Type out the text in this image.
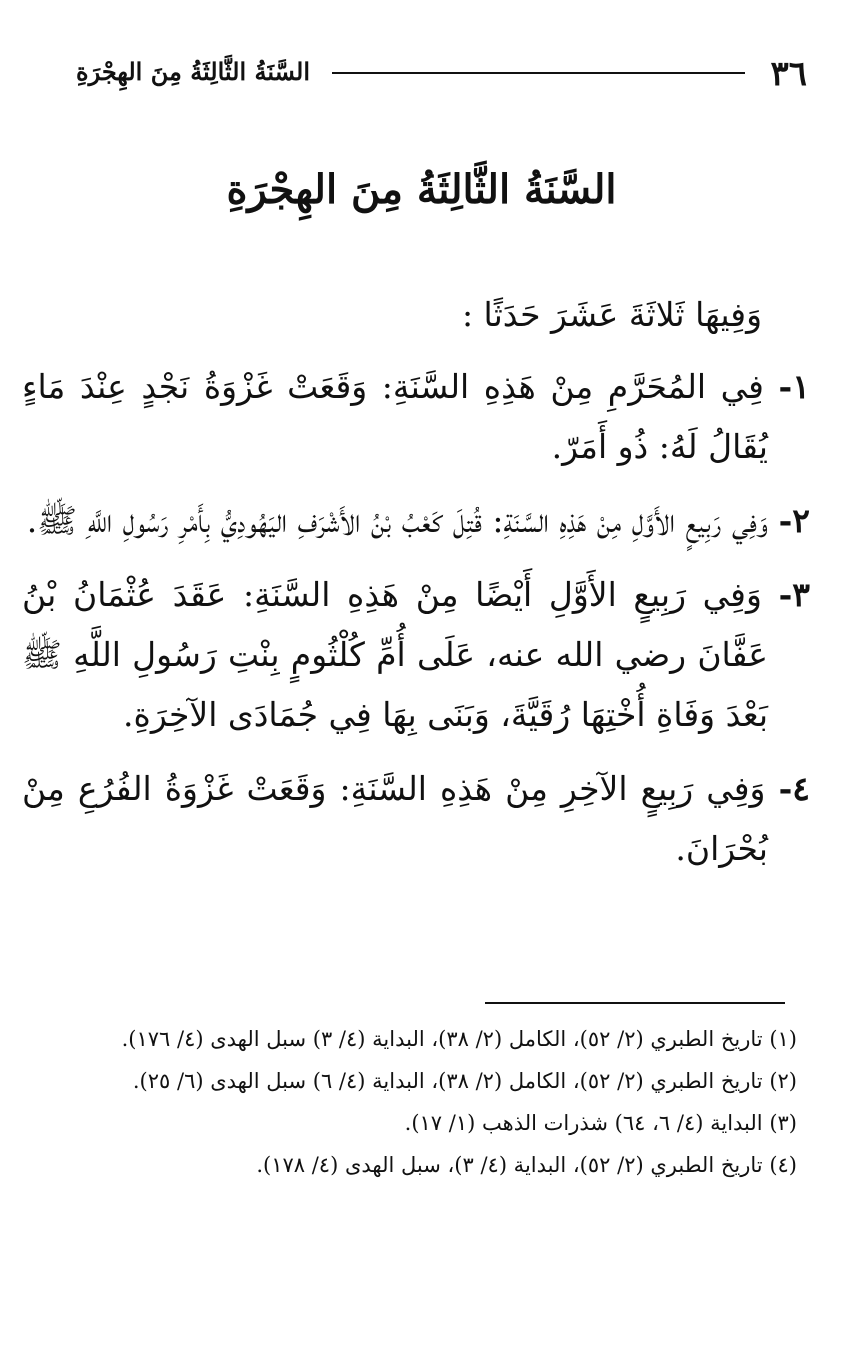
٣٦
السَّنَةُ الثَّالِثَةُ مِنَ الهِجْرَةِ
السَّنَةُ الثَّالِثَةُ مِنَ الهِجْرَةِ

وَفِيهَا ثَلاثَةَ عَشَرَ حَدَثًا :

١- فِي المُحَرَّمِ مِنْ هَذِهِ السَّنَةِ: وَقَعَتْ غَزْوَةُ نَجْدٍ عِنْدَ مَاءٍ يُقَالُ لَهُ: ذُو أَمَرّ.

٢- وَفِي رَبِيعٍ الأَوَّلِ مِنْ هَذِهِ السَّنَةِ: قُتِلَ كَعْبُ بْنُ الأَشْرَفِ اليَهُودِيُّ بِأَمْرِ رَسُولِ اللَّهِ ﷺ.

٣- وَفِي رَبِيعٍ الأَوَّلِ أَيْضًا مِنْ هَذِهِ السَّنَةِ: عَقَدَ عُثْمَانُ بْنُ عَفَّانَ رضي الله عنه، عَلَى أُمِّ كُلْثُومٍ بِنْتِ رَسُولِ اللَّهِ ﷺ بَعْدَ وَفَاةِ أُخْتِهَا رُقَيَّةَ، وَبَنَى بِهَا فِي جُمَادَى الآخِرَةِ.

٤- وَفِي رَبِيعٍ الآخِرِ مِنْ هَذِهِ السَّنَةِ: وَقَعَتْ غَزْوَةُ الفُرُعِ مِنْ بُحْرَانَ.

(١) تاريخ الطبري (٢/ ٥٢)، الكامل (٢/ ٣٨)، البداية (٤/ ٣) سبل الهدى (٤/ ١٧٦).

(٢) تاريخ الطبري (٢/ ٥٢)، الكامل (٢/ ٣٨)، البداية (٤/ ٦) سبل الهدى (٦/ ٢٥).

(٣) البداية (٤/ ٦، ٦٤) شذرات الذهب (١/ ١٧).

(٤) تاريخ الطبري (٢/ ٥٢)، البداية (٤/ ٣)، سبل الهدى (٤/ ١٧٨).
